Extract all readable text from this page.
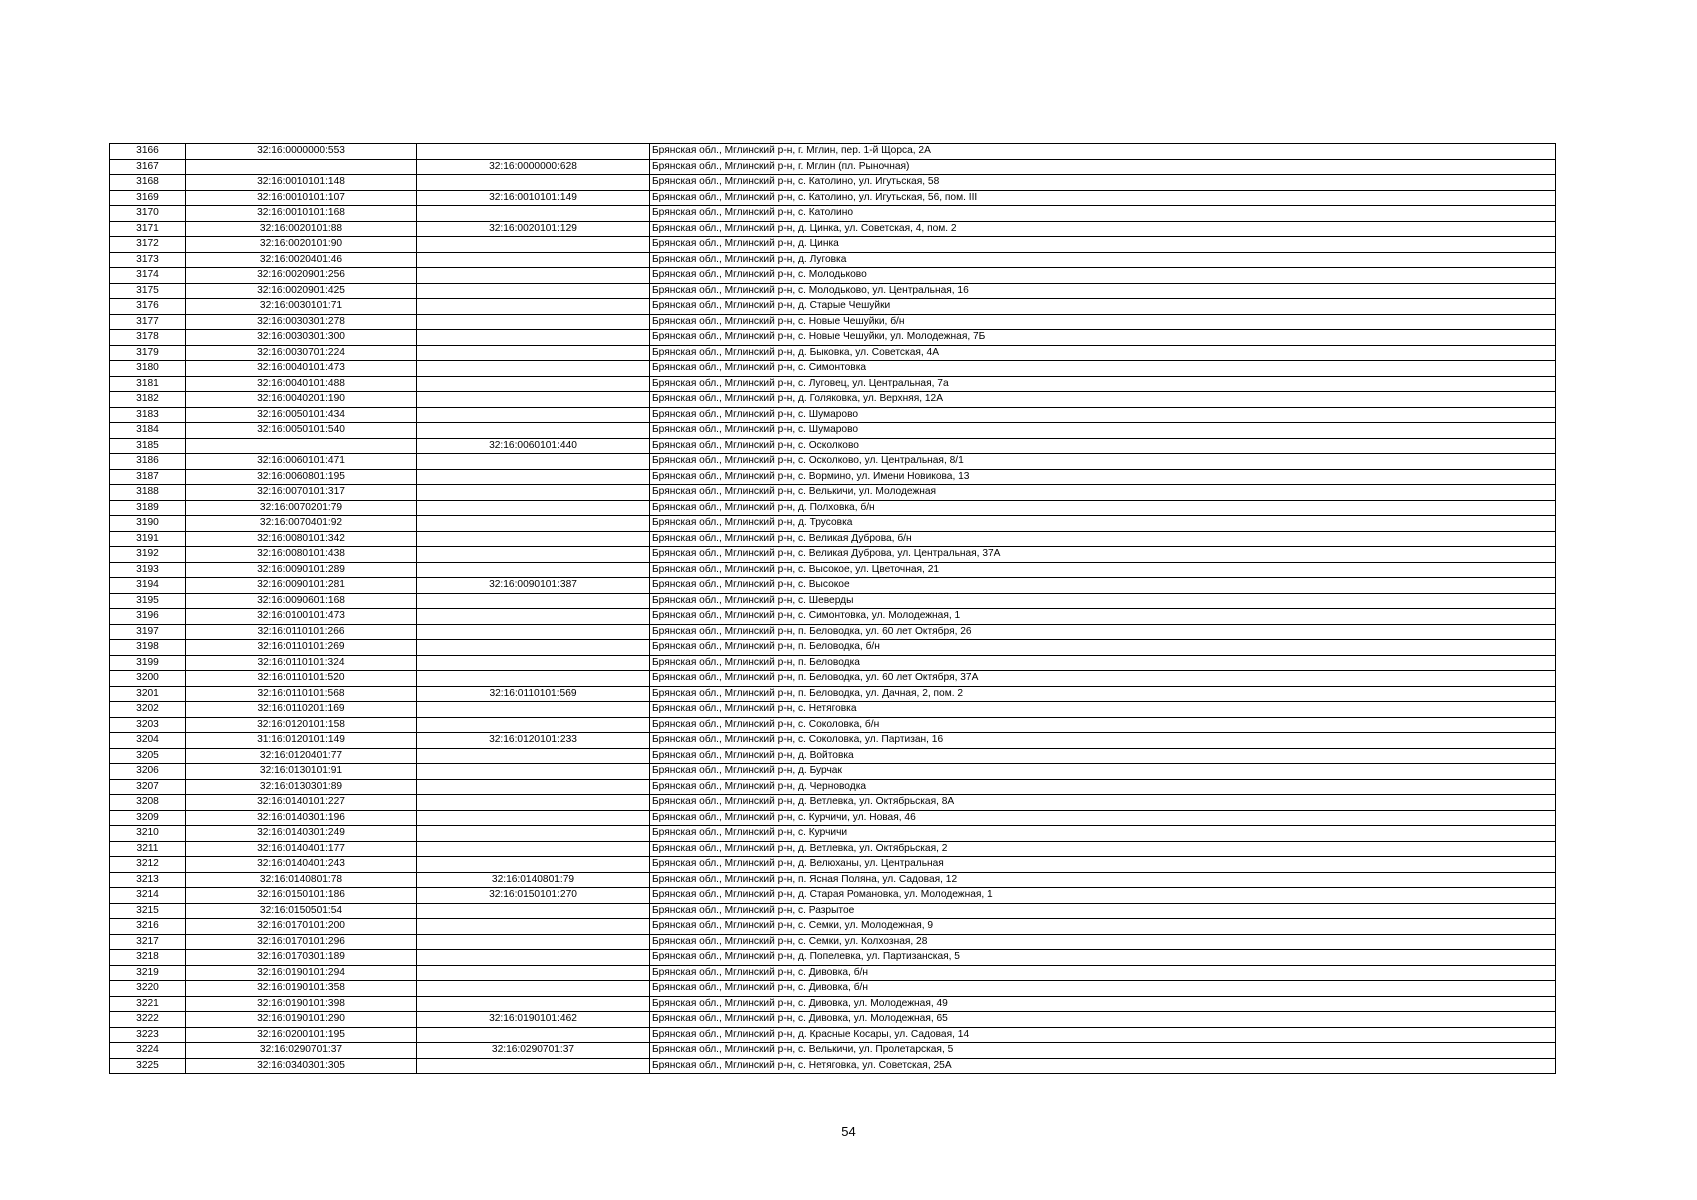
3166	32:16:0000000:553		Брянская обл., Мглинский р-н, г. Мглин, пер. 1-й Щорса, 2А
3167		32:16:0000000:628	Брянская обл., Мглинский р-н, г. Мглин (пл. Рыночная)
3168	32:16:0010101:148		Брянская обл., Мглинский р-н, с. Католино, ул. Игутьская, 58
3169	32:16:0010101:107	32:16:0010101:149	Брянская обл., Мглинский р-н, с. Католино, ул. Игутьская, 56, пом. III
3170	32:16:0010101:168		Брянская обл., Мглинский р-н, с. Католино
3171	32:16:0020101:88	32:16:0020101:129	Брянская обл., Мглинский р-н, д. Цинка, ул. Советская, 4, пом. 2
3172	32:16:0020101:90		Брянская обл., Мглинский р-н, д. Цинка
3173	32:16:0020401:46		Брянская обл., Мглинский р-н, д. Луговка
3174	32:16:0020901:256		Брянская обл., Мглинский р-н, с. Молодьково
3175	32:16:0020901:425		Брянская обл., Мглинский р-н, с. Молодьково, ул. Центральная, 16
3176	32:16:0030101:71		Брянская обл., Мглинский р-н, д. Старые Чешуйки
3177	32:16:0030301:278		Брянская обл., Мглинский р-н, с. Новые Чешуйки, б/н
3178	32:16:0030301:300		Брянская обл., Мглинский р-н, с. Новые Чешуйки, ул. Молодежная, 7Б
3179	32:16:0030701:224		Брянская обл., Мглинский р-н, д. Быковка, ул. Советская, 4А
3180	32:16:0040101:473		Брянская обл., Мглинский р-н, с. Симонтовка
3181	32:16:0040101:488		Брянская обл., Мглинский р-н, с. Луговец, ул. Центральная, 7а
3182	32:16:0040201:190		Брянская обл., Мглинский р-н, д. Голяковка, ул. Верхняя, 12А
3183	32:16:0050101:434		Брянская обл., Мглинский р-н, с. Шумарово
3184	32:16:0050101:540		Брянская обл., Мглинский р-н, с. Шумарово
3185		32:16:0060101:440	Брянская обл., Мглинский р-н, с. Осколково
3186	32:16:0060101:471		Брянская обл., Мглинский р-н, с. Осколково, ул. Центральная, 8/1
3187	32:16:0060801:195		Брянская обл., Мглинский р-н, с. Вормино, ул. Имени Новикова, 13
3188	32:16:0070101:317		Брянская обл., Мглинский р-н, с. Велькичи, ул. Молодежная
3189	32:16:0070201:79		Брянская обл., Мглинский р-н, д. Полховка, б/н
3190	32:16:0070401:92		Брянская обл., Мглинский р-н, д. Трусовка
3191	32:16:0080101:342		Брянская обл., Мглинский р-н, с. Великая Дуброва, б/н
3192	32:16:0080101:438		Брянская обл., Мглинский р-н, с. Великая Дуброва, ул. Центральная, 37А
3193	32:16:0090101:289		Брянская обл., Мглинский р-н, с. Высокое, ул. Цветочная, 21
3194	32:16:0090101:281	32:16:0090101:387	Брянская обл., Мглинский р-н, с. Высокое
3195	32:16:0090601:168		Брянская обл., Мглинский р-н, с. Шеверды
3196	32:16:0100101:473		Брянская обл., Мглинский р-н, с. Симонтовка, ул. Молодежная, 1
3197	32:16:0110101:266		Брянская обл., Мглинский р-н, п. Беловодка, ул. 60 лет Октября, 26
3198	32:16:0110101:269		Брянская обл., Мглинский р-н, п. Беловодка, б/н
3199	32:16:0110101:324		Брянская обл., Мглинский р-н, п. Беловодка
3200	32:16:0110101:520		Брянская обл., Мглинский р-н, п. Беловодка, ул. 60 лет Октября, 37А
3201	32:16:0110101:568	32:16:0110101:569	Брянская обл., Мглинский р-н, п. Беловодка, ул. Дачная, 2, пом. 2
3202	32:16:0110201:169		Брянская обл., Мглинский р-н, с. Нетяговка
3203	32:16:0120101:158		Брянская обл., Мглинский р-н, с. Соколовка, б/н
3204	31:16:0120101:149	32:16:0120101:233	Брянская обл., Мглинский р-н, с. Соколовка, ул. Партизан, 16
3205	32:16:0120401:77		Брянская обл., Мглинский р-н, д. Войтовка
3206	32:16:0130101:91		Брянская обл., Мглинский р-н, д. Бурчак
3207	32:16:0130301:89		Брянская обл., Мглинский р-н, д. Черноводка
3208	32:16:0140101:227		Брянская обл., Мглинский р-н, д. Ветлевка, ул. Октябрьская, 8А
3209	32:16:0140301:196		Брянская обл., Мглинский р-н, с. Курчичи, ул. Новая, 46
3210	32:16:0140301:249		Брянская обл., Мглинский р-н, с. Курчичи
3211	32:16:0140401:177		Брянская обл., Мглинский р-н, д. Ветлевка, ул. Октябрьская, 2
3212	32:16:0140401:243		Брянская обл., Мглинский р-н, д. Велюханы, ул. Центральная
3213	32:16:0140801:78	32:16:0140801:79	Брянская обл., Мглинский р-н, п. Ясная Поляна, ул. Садовая, 12
3214	32:16:0150101:186	32:16:0150101:270	Брянская обл., Мглинский р-н, д. Старая Романовка, ул. Молодежная, 1
3215	32:16:0150501:54		Брянская обл., Мглинский р-н, с. Разрытое
3216	32:16:0170101:200		Брянская обл., Мглинский р-н, с. Семки, ул. Молодежная, 9
3217	32:16:0170101:296		Брянская обл., Мглинский р-н, с. Семки, ул. Колхозная, 28
3218	32:16:0170301:189		Брянская обл., Мглинский р-н, д. Попелевка, ул. Партизанская, 5
3219	32:16:0190101:294		Брянская обл., Мглинский р-н, с. Дивовка, б/н
3220	32:16:0190101:358		Брянская обл., Мглинский р-н, с. Дивовка, б/н
3221	32:16:0190101:398		Брянская обл., Мглинский р-н, с. Дивовка, ул. Молодежная, 49
3222	32:16:0190101:290	32:16:0190101:462	Брянская обл., Мглинский р-н, с. Дивовка, ул. Молодежная, 65
3223	32:16:0200101:195		Брянская обл., Мглинский р-н, д. Красные Косары, ул. Садовая, 14
3224	32:16:0290701:37	32:16:0290701:37	Брянская обл., Мглинский р-н, с. Велькичи, ул. Пролетарская, 5
3225	32:16:0340301:305		Брянская обл., Мглинский р-н, с. Нетяговка, ул. Советская, 25А
54
